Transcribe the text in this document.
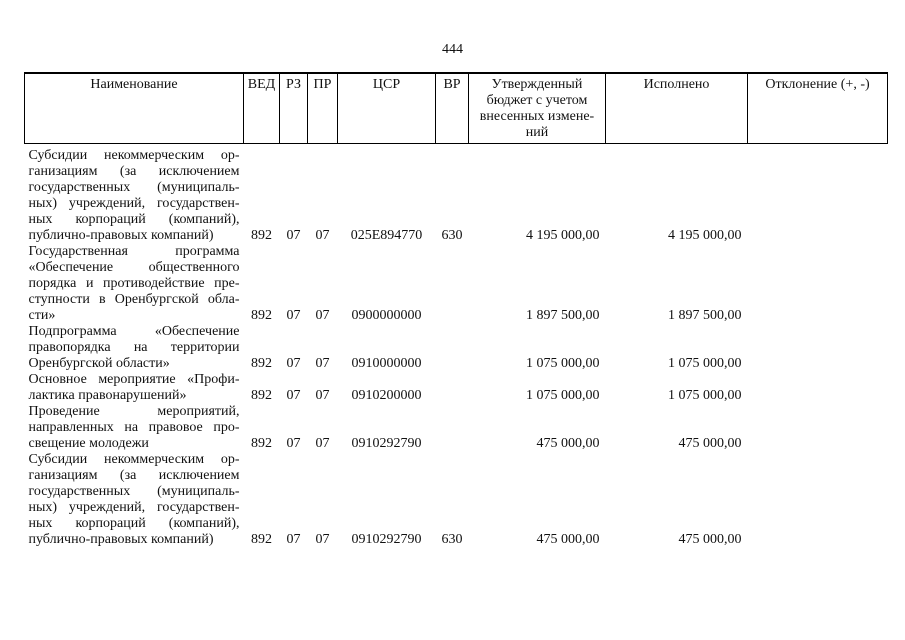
444
Наименование	ВЕД	РЗ	ПР	ЦСР	ВР	Утвержденный бюджет с учетом внесенных измене-ний	Исполнено	Отклонение (+, -)
Субсидии некоммерческим ор-ганизациям (за исключением государственных (муниципаль-ных) учреждений, государствен-ных корпораций (компаний), публично-правовых компаний)	892	07	07	025E894770	630	4 195 000,00	4 195 000,00	
Государственная программа «Обеспечение общественного порядка и противодействие пре-ступности в Оренбургской обла-сти»	892	07	07	0900000000		1 897 500,00	1 897 500,00	
Подпрограмма «Обеспечение правопорядка на территории Оренбургской области»	892	07	07	0910000000		1 075 000,00	1 075 000,00	
Основное мероприятие «Профи-лактика правонарушений»	892	07	07	0910200000		1 075 000,00	1 075 000,00	
Проведение мероприятий, направленных на правовое про-свещение молодежи	892	07	07	0910292790		475 000,00	475 000,00	
Субсидии некоммерческим ор-ганизациям (за исключением государственных (муниципаль-ных) учреждений, государствен-ных корпораций (компаний), публично-правовых компаний)	892	07	07	0910292790	630	475 000,00	475 000,00	
